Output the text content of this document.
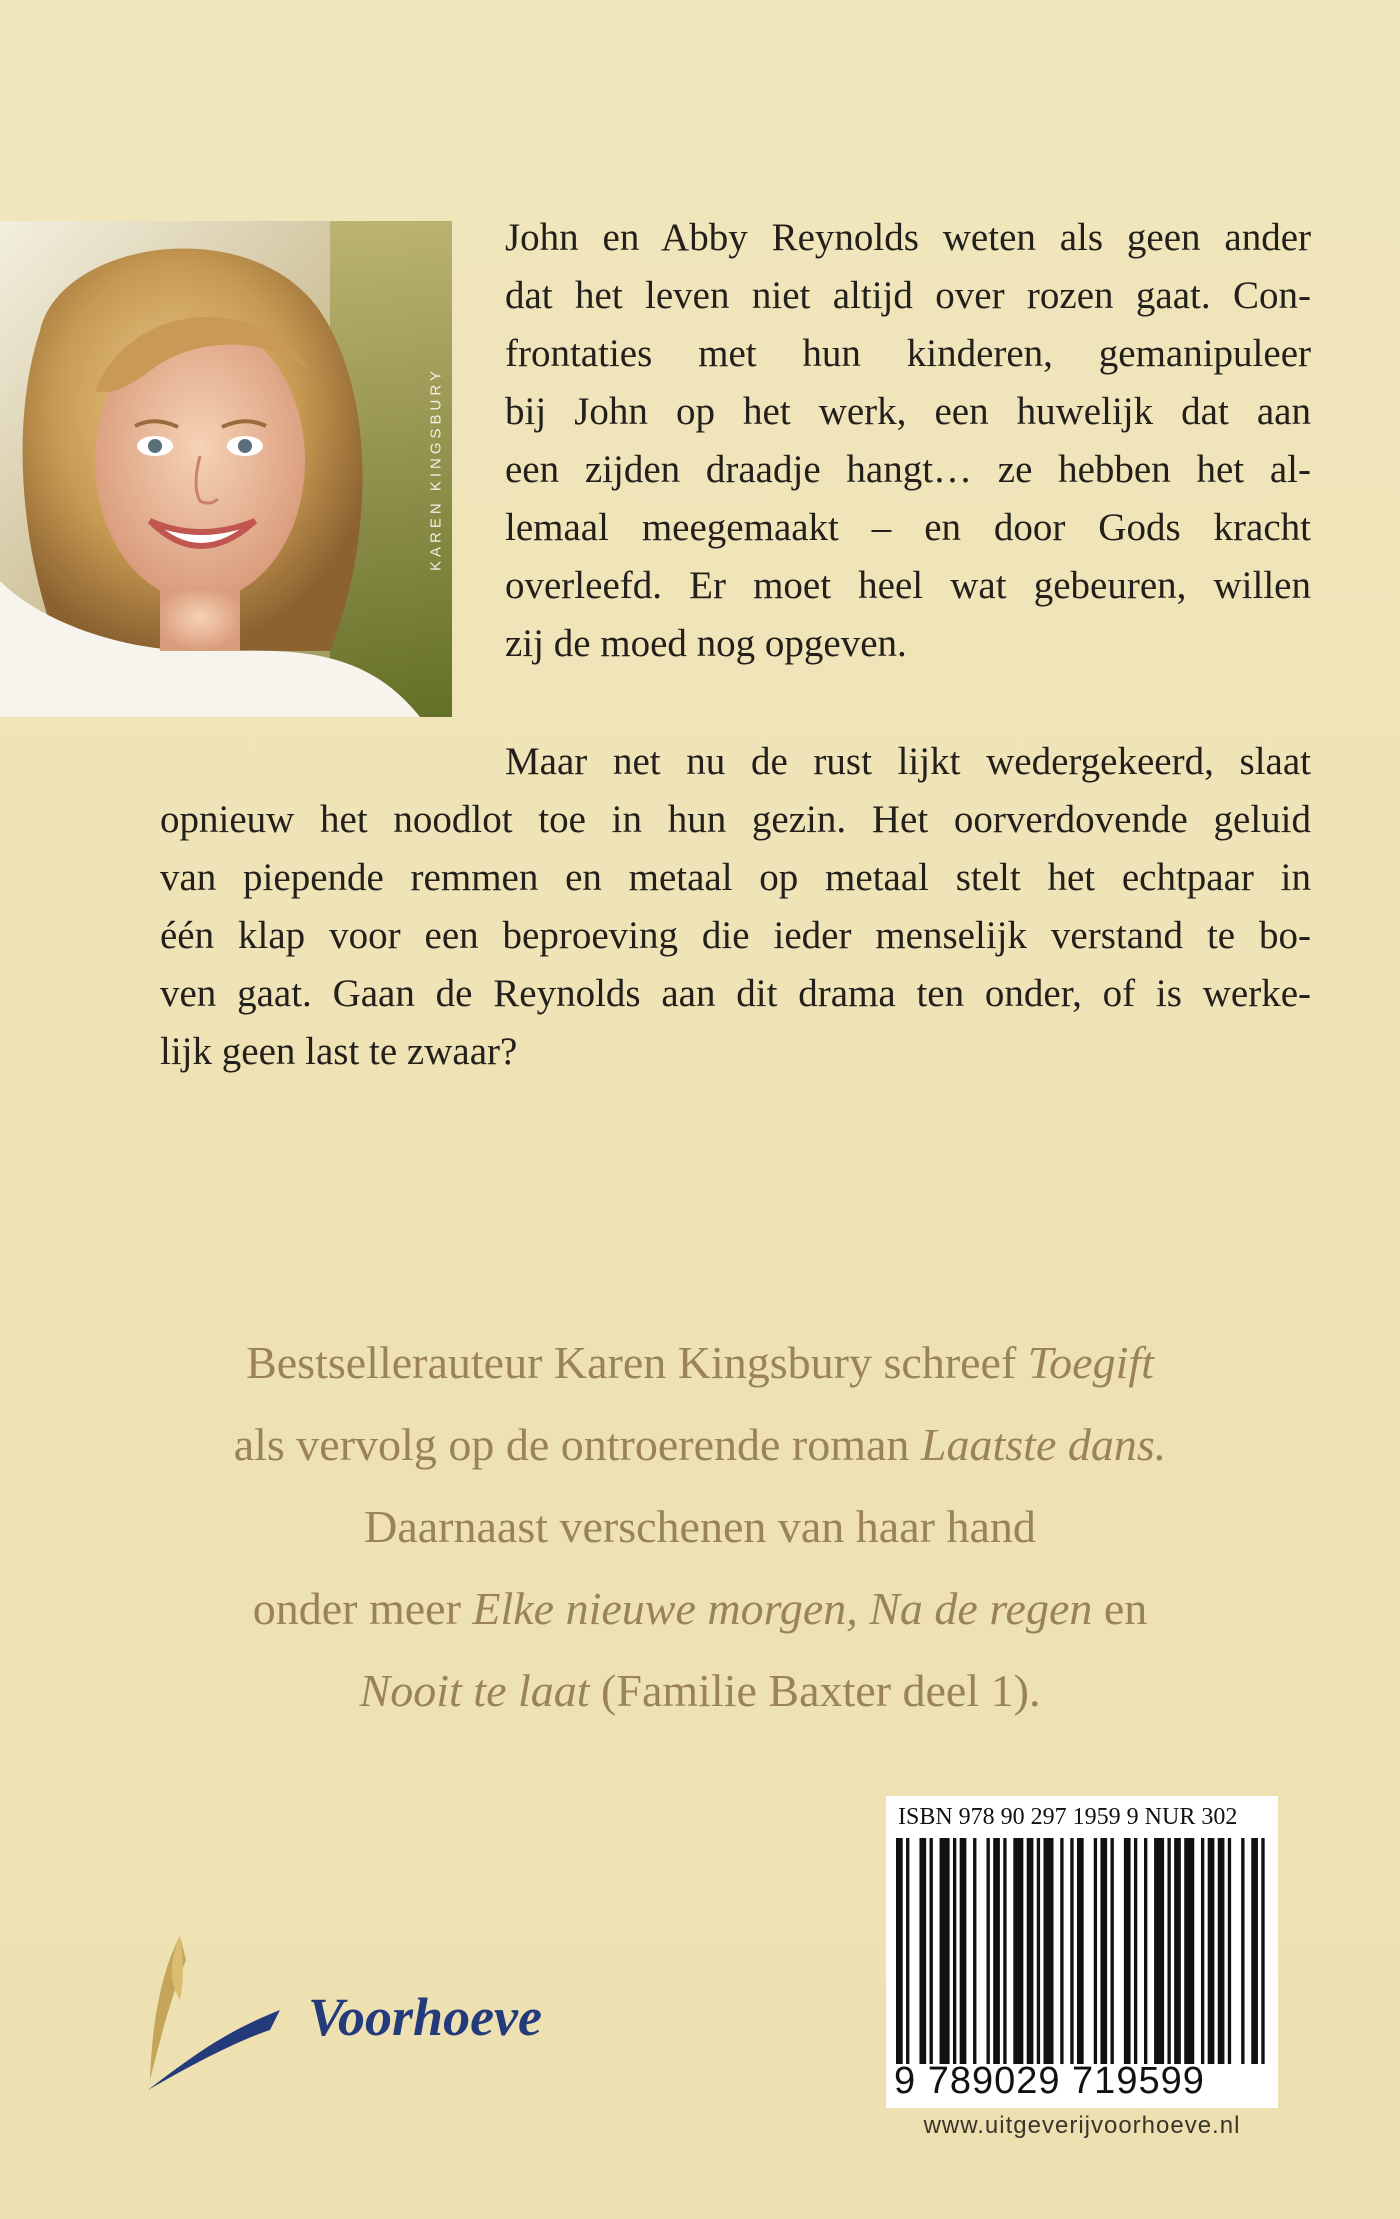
KAREN KINGSBURY
John en Abby Reynolds weten als geen ander
dat het leven niet altijd over rozen gaat. Con-
frontaties met hun kinderen, gemanipuleer
bij John op het werk, een huwelijk dat aan
een zijden draadje hangt… ze hebben het al-
lemaal meegemaakt – en door Gods kracht
overleefd. Er moet heel wat gebeuren, willen
zij de moed nog opgeven.
Maar net nu de rust lijkt wedergekeerd, slaat
opnieuw het noodlot toe in hun gezin. Het oorverdovende geluid
van piepende remmen en metaal op metaal stelt het echtpaar in
één klap voor een beproeving die ieder menselijk verstand te bo-
ven gaat. Gaan de Reynolds aan dit drama ten onder, of is werke-
lijk geen last te zwaar?
Bestsellerauteur Karen Kingsbury schreef Toegift
als vervolg op de ontroerende roman Laatste dans.
Daarnaast verschenen van haar hand
onder meer Elke nieuwe morgen, Na de regen en
Nooit te laat (Familie Baxter deel 1).
Voorhoeve
ISBN 978 90 297 1959 9 NUR 302
9 789029 719599
www.uitgeverijvoorhoeve.nl
